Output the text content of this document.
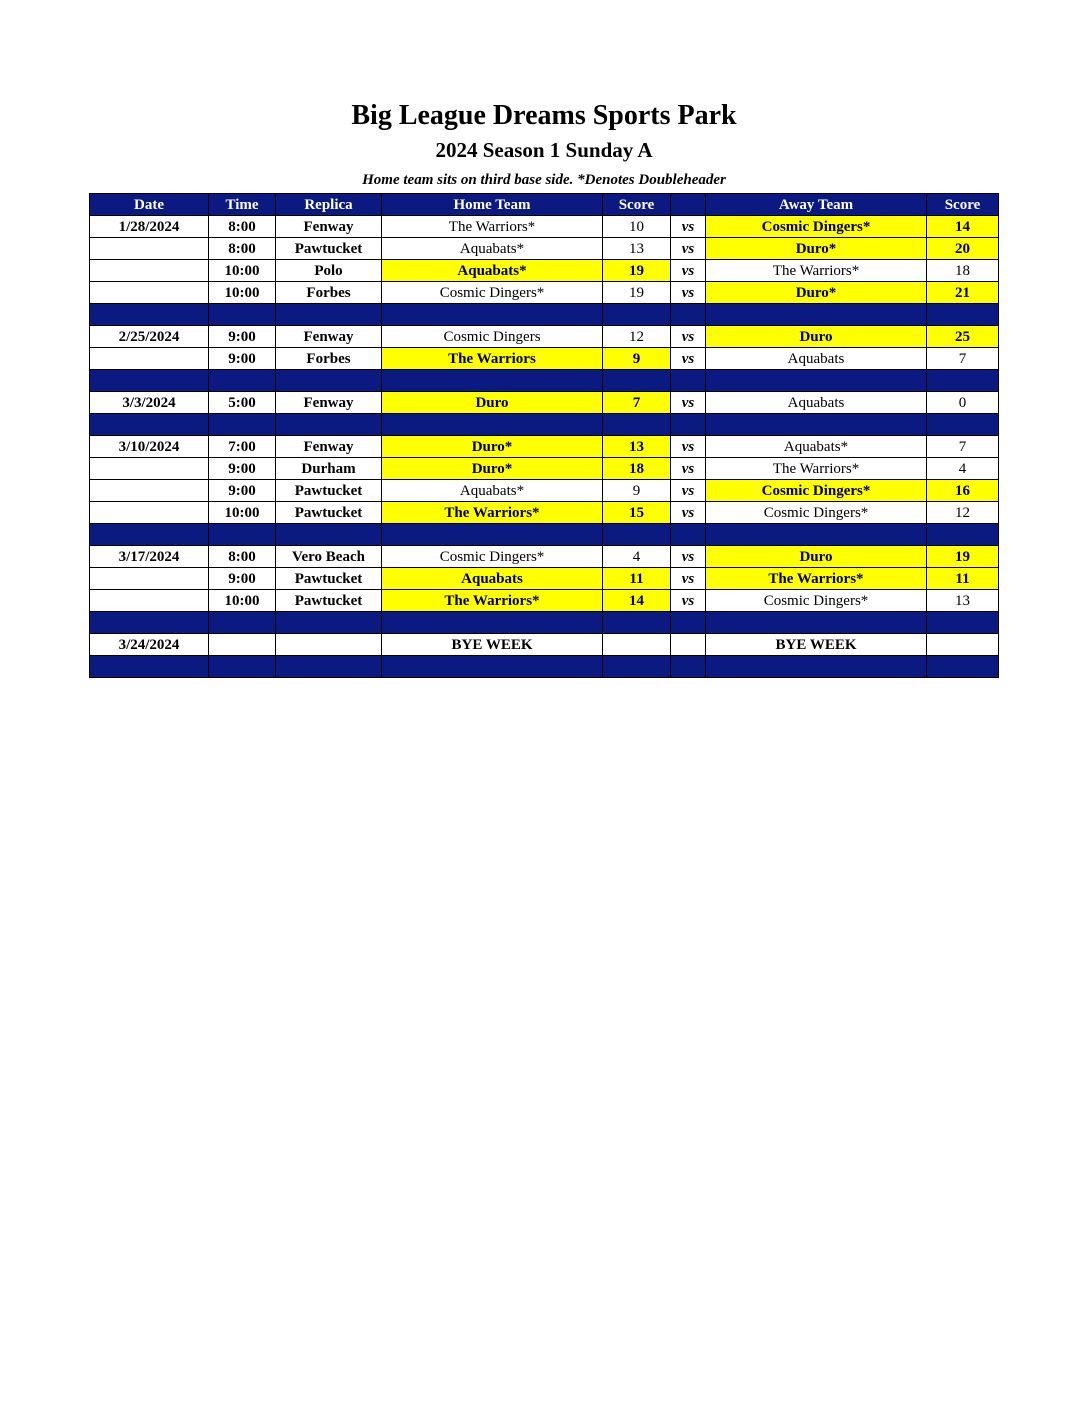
Big League Dreams Sports Park
2024 Season 1 Sunday A
Home team sits on third base side. *Denotes Doubleheader
Date	Time	Replica	Home Team	Score		Away Team	Score
1/28/2024	8:00	Fenway	The Warriors*	10	vs	Cosmic Dingers*	14
	8:00	Pawtucket	Aquabats*	13	vs	Duro*	20
	10:00	Polo	Aquabats*	19	vs	The Warriors*	18
	10:00	Forbes	Cosmic Dingers*	19	vs	Duro*	21

2/25/2024	9:00	Fenway	Cosmic Dingers	12	vs	Duro	25
	9:00	Forbes	The Warriors	9	vs	Aquabats	7

3/3/2024	5:00	Fenway	Duro	7	vs	Aquabats	0

3/10/2024	7:00	Fenway	Duro*	13	vs	Aquabats*	7
	9:00	Durham	Duro*	18	vs	The Warriors*	4
	9:00	Pawtucket	Aquabats*	9	vs	Cosmic Dingers*	16
	10:00	Pawtucket	The Warriors*	15	vs	Cosmic Dingers*	12

3/17/2024	8:00	Vero Beach	Cosmic Dingers*	4	vs	Duro	19
	9:00	Pawtucket	Aquabats	11	vs	The Warriors*	11
	10:00	Pawtucket	The Warriors*	14	vs	Cosmic Dingers*	13

3/24/2024			BYE WEEK			BYE WEEK	
